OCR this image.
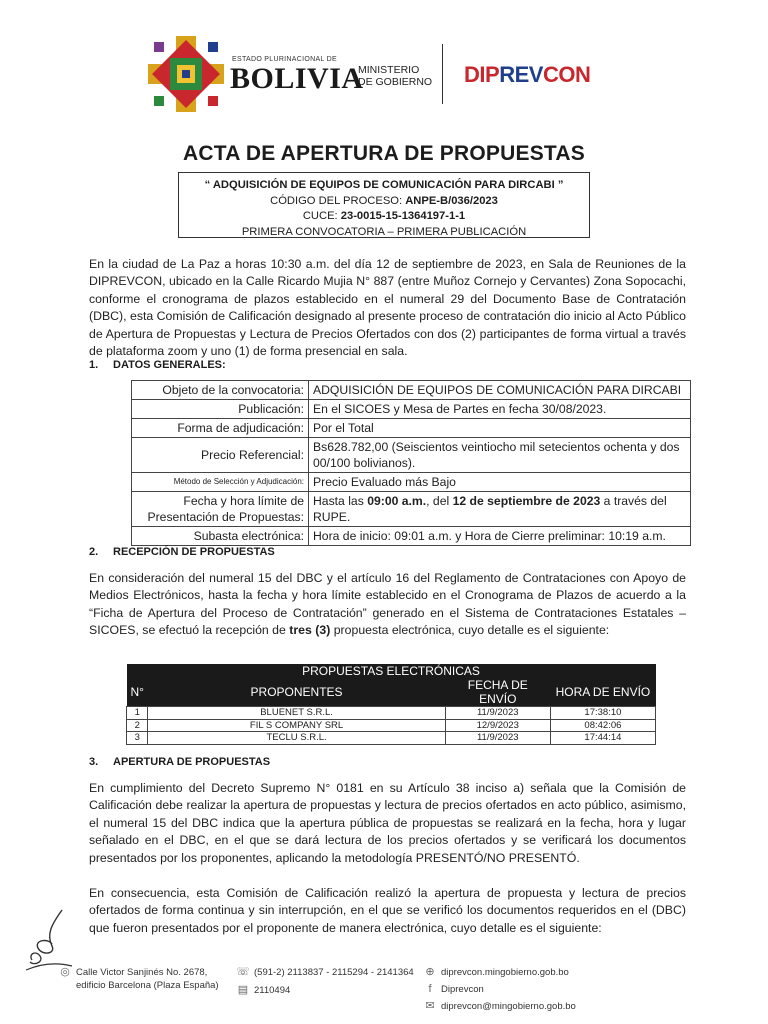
ESTADO PLURINACIONAL DE
BOLIVIA
MINISTERIO
DE GOBIERNO DIPREVCON
ACTA DE APERTURA DE PROPUESTAS
“ ADQUISICIÓN DE EQUIPOS DE COMUNICACIÓN PARA DIRCABI ”
CÓDIGO DEL PROCESO: ANPE-B/036/2023
CUCE: 23-0015-15-1364197-1-1
PRIMERA CONVOCATORIA – PRIMERA PUBLICACIÓN

En la ciudad de La Paz a horas 10:30 a.m. del día 12 de septiembre de 2023, en Sala de Reuniones de la DIPREVCON, ubicado en la Calle Ricardo Mujia N° 887 (entre Muñoz Cornejo y Cervantes) Zona Sopocachi, conforme el cronograma de plazos establecido en el numeral 29 del Documento Base de Contratación (DBC), esta Comisión de Calificación designado al presente proceso de contratación dio inicio al Acto Público de Apertura de Propuestas y Lectura de Precios Ofertados con dos (2) participantes de forma virtual a través de plataforma zoom y uno (1) de forma presencial en sala.

1. DATOS GENERALES:
Objeto de la convocatoria:	ADQUISICIÓN DE EQUIPOS DE COMUNICACIÓN PARA DIRCABI
Publicación:	En el SICOES y Mesa de Partes en fecha 30/08/2023.
Forma de adjudicación:	Por el Total
Precio Referencial:	Bs628.782,00 (Seiscientos veintiocho mil setecientos ochenta y dos 00/100 bolivianos).
Método de Selección y Adjudicación:	Precio Evaluado más Bajo
Fecha y hora límite de Presentación de Propuestas:	Hasta las 09:00 a.m., del 12 de septiembre de 2023 a través del RUPE.
Subasta electrónica:	Hora de inicio: 09:01 a.m. y Hora de Cierre preliminar: 10:19 a.m.
2. RECEPCIÓN DE PROPUESTAS

En consideración del numeral 15 del DBC y el artículo 16 del Reglamento de Contrataciones con Apoyo de Medios Electrónicos, hasta la fecha y hora límite establecido en el Cronograma de Plazos de acuerdo a la “Ficha de Apertura del Proceso de Contratación” generado en el Sistema de Contrataciones Estatales – SICOES, se efectuó la recepción de tres (3) propuesta electrónica, cuyo detalle es el siguiente:

PROPUESTAS ELECTRÓNICAS			
N°	PROPONENTES	FECHA DE ENVÍO	HORA DE ENVÍO
1	BLUENET S.R.L.	11/9/2023	17:38:10
2	FIL S COMPANY SRL	12/9/2023	08:42:06
3	TECLU S.R.L.	11/9/2023	17:44:14
3. APERTURA DE PROPUESTAS

En cumplimiento del Decreto Supremo N° 0181 en su Artículo 38 inciso a) señala que la Comisión de Calificación debe realizar la apertura de propuestas y lectura de precios ofertados en acto público, asimismo, el numeral 15 del DBC indica que la apertura pública de propuestas se realizará en la fecha, hora y lugar señalado en el DBC, en el que se dará lectura de los precios ofertados y se verificará los documentos presentados por los proponentes, aplicando la metodología PRESENTÓ/NO PRESENTÓ.

En consecuencia, esta Comisión de Calificación realizó la apertura de propuesta y lectura de precios ofertados de forma continua y sin interrupción, en el que se verificó los documentos requeridos en el (DBC) que fueron presentados por el proponente de manera electrónica, cuyo detalle es el siguiente:

◎ Calle Victor Sanjinés No. 2678,
edificio Barcelona (Plaza España)
☏ (591-2) 2113837 - 2115294 - 2141364
▤ 2110494
⊕ diprevcon.mingobierno.gob.bo
f Diprevcon
✉ diprevcon@mingobierno.gob.bo
